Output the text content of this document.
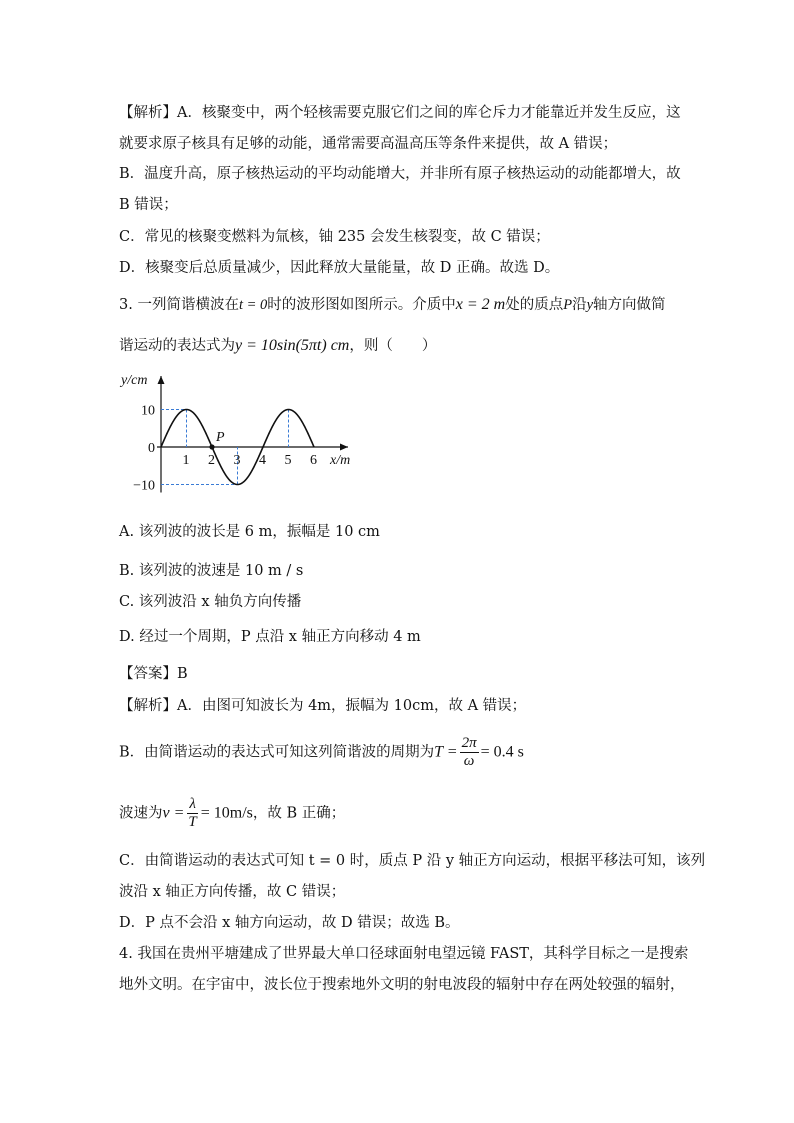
【解析】A．核聚变中，两个轻核需要克服它们之间的库仑斥力才能靠近并发生反应，这
就要求原子核具有足够的动能，通常需要高温高压等条件来提供，故 A 错误；
B．温度升高，原子核热运动的平均动能增大，并非所有原子核热运动的动能都增大，故
B 错误；
C．常见的核聚变燃料为氚核，铀 235 会发生核裂变，故 C 错误；
D．核聚变后总质量减少，因此释放大量能量，故 D 正确。故选 D。
3. 一列简谐横波在t = 0时的波形图如图所示。介质中x = 2 m处的质点P沿y轴方向做简
谐运动的表达式为y = 10sin(5πt) cm，则（　　）
P
1 2 3 4 5 6
10
0
−10
y/cm
x/m
A. 该列波的波长是 6 m，振幅是 10 cm
B. 该列波的波速是 10 m / s
C. 该列波沿 x 轴负方向传播
D. 经过一个周期，P 点沿 x 轴正方向移动 4 m
【答案】B
【解析】A．由图可知波长为 4m，振幅为 10cm，故 A 错误；
B．由简谐运动的表达式可知这列简谐波的周期为$T = \frac{2\pi}{\omega} = 0.4$ s
波速为$v = \frac{\lambda}{T} = 10m/s$，故 B 正确；
C．由简谐运动的表达式可知 t = 0 时，质点 P 沿 y 轴正方向运动，根据平移法可知，该列
波沿 x 轴正方向传播，故 C 错误；
D．P 点不会沿 x 轴方向运动，故 D 错误；故选 B。
4. 我国在贵州平塘建成了世界最大单口径球面射电望远镜 FAST，其科学目标之一是搜索
地外文明。在宇宙中，波长位于搜索地外文明的射电波段的辐射中存在两处较强的辐射，
